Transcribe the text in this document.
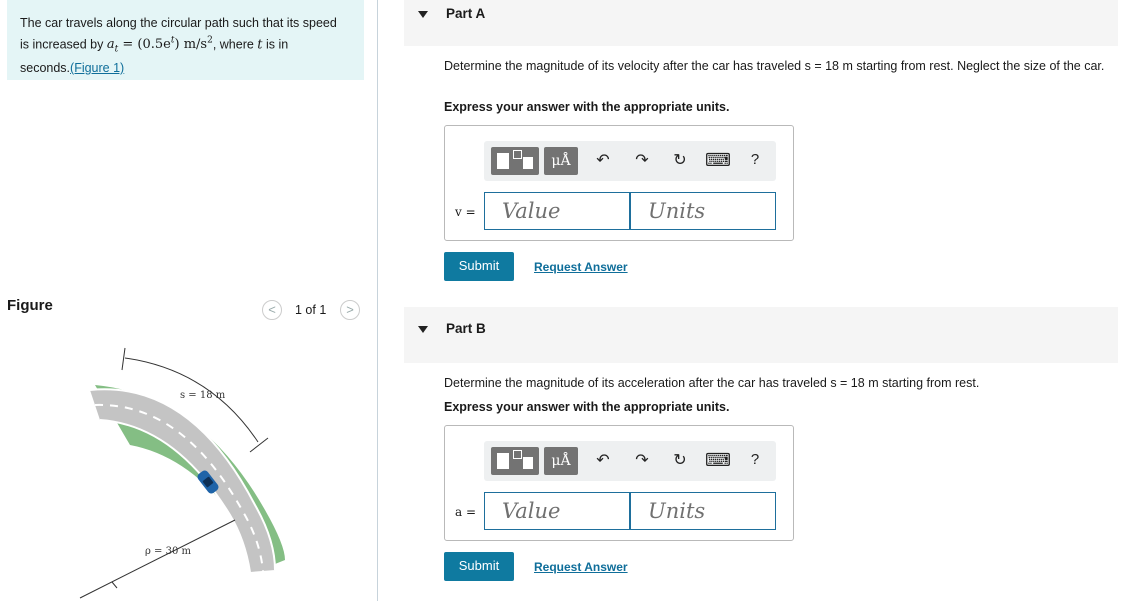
The car travels along the circular path such that its speed
is increased by $a_t = (0.5e^t)$ $m/s^2$, where t is in
seconds.(Figure 1)
Figure	<	1 of 1	>
s = 18 m
ρ = 30 m
Part A
Determine the magnitude of its velocity after the car has traveled s = 18 m starting from rest. Neglect the size of the car.
Express your answer with the appropriate units.
μÅ	↶ ↷ ↻ ⌨	?
v =	Value	Units
Submit	Request Answer
Part B
Determine the magnitude of its acceleration after the car has traveled s = 18 m starting from rest.
Express your answer with the appropriate units.
μÅ	↶ ↷ ↻ ⌨	?
a =	Value	Units
Submit	Request Answer
